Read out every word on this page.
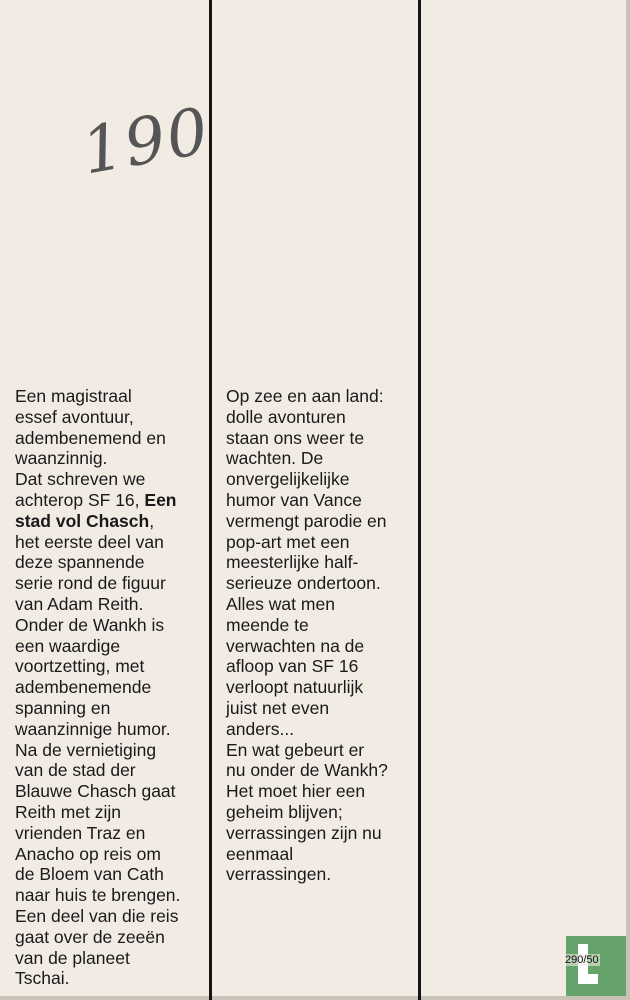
190
Een magistraal
essef avontuur,
adembenemend en
waanzinnig.
Dat schreven we
achterop SF 16, Een
stad vol Chasch,
het eerste deel van
deze spannende
serie rond de figuur
van Adam Reith.
Onder de Wankh is
een waardige
voortzetting, met
adembenemende
spanning en
waanzinnige humor.
Na de vernietiging
van de stad der
Blauwe Chasch gaat
Reith met zijn
vrienden Traz en
Anacho op reis om
de Bloem van Cath
naar huis te brengen.
Een deel van die reis
gaat over de zeeën
van de planeet
Tschai.
Op zee en aan land:
dolle avonturen
staan ons weer te
wachten. De
onvergelijkelijke
humor van Vance
vermengt parodie en
pop-art met een
meesterlijke half-
serieuze ondertoon.
Alles wat men
meende te
verwachten na de
afloop van SF 16
verloopt natuurlijk
juist net even
anders...
En wat gebeurt er
nu onder de Wankh?
Het moet hier een
geheim blijven;
verrassingen zijn nu
eenmaal
verrassingen.
290/50
